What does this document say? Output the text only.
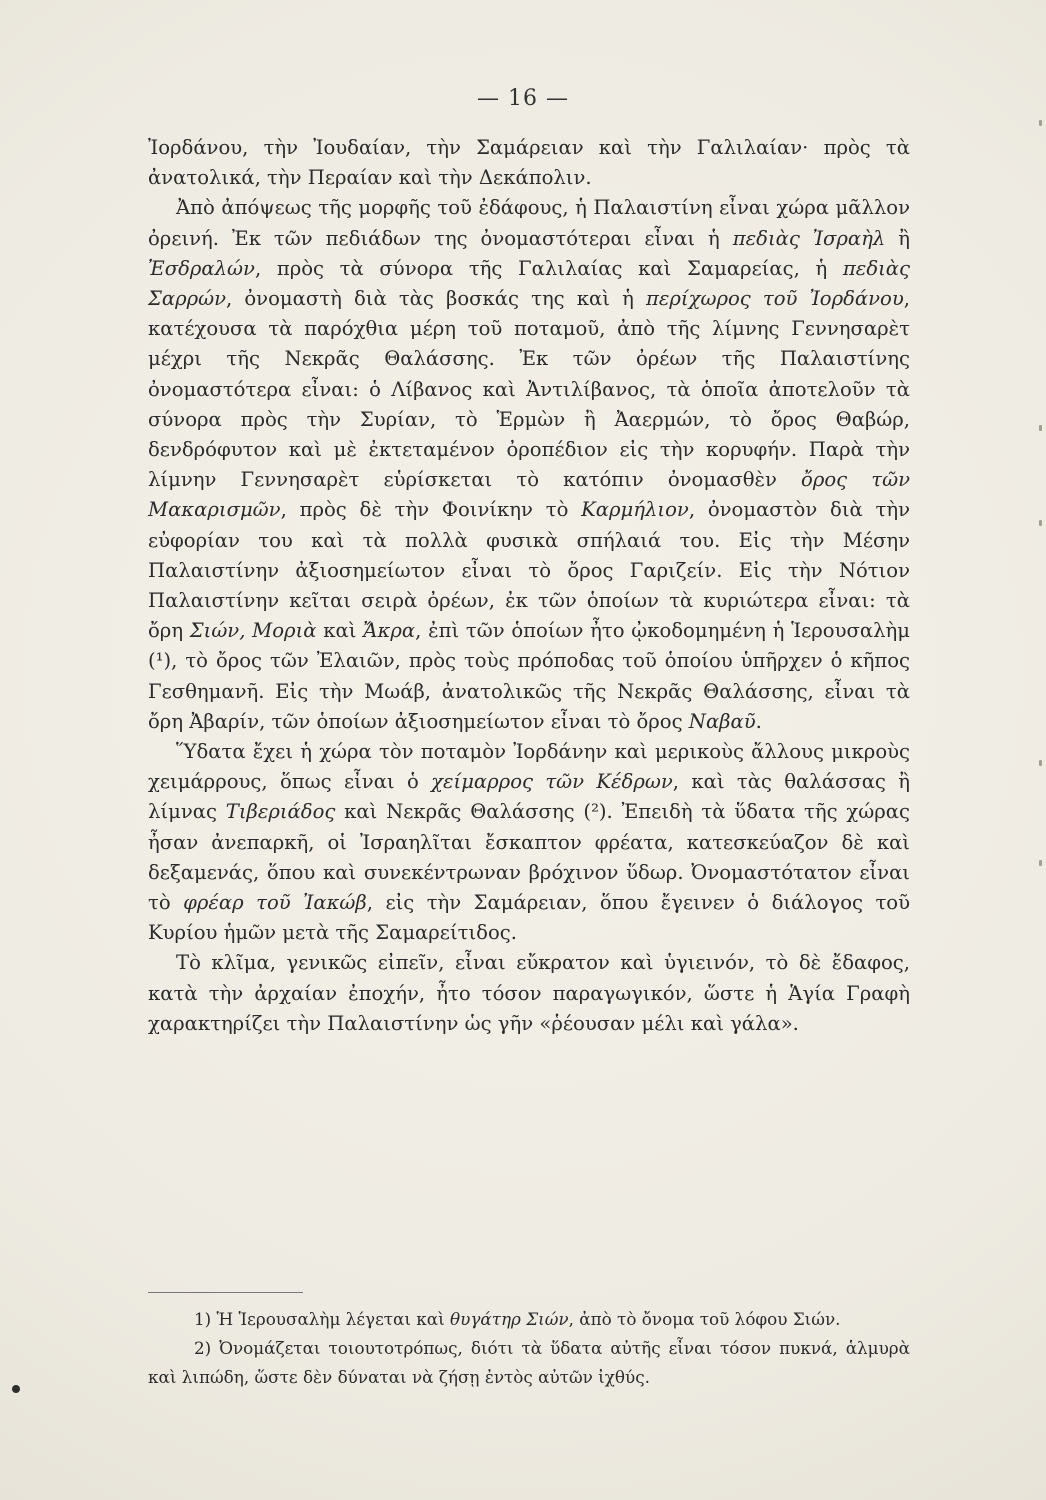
— 16 —

Ἰορδάνου, τὴν Ἰουδαίαν, τὴν Σαμάρειαν καὶ τὴν Γαλιλαίαν· πρὸς τὰ ἀνατολικά, τὴν Περαίαν καὶ τὴν Δεκάπολιν.

Ἀπὸ ἀπόψεως τῆς μορφῆς τοῦ ἐδάφους, ἡ Παλαιστίνη εἶναι χώρα μᾶλλον ὀρεινή. Ἐκ τῶν πεδιάδων της ὀνομαστότεραι εἶναι ἡ πεδιὰς Ἰσραὴλ ἢ Ἐσδραλών, πρὸς τὰ σύνορα τῆς Γαλιλαίας καὶ Σαμαρείας, ἡ πεδιὰς Σαρρών, ὀνομαστὴ διὰ τὰς βοσκάς της καὶ ἡ περίχωρος τοῦ Ἰορδάνου, κατέχουσα τὰ παρόχθια μέρη τοῦ ποταμοῦ, ἀπὸ τῆς λίμνης Γεννησαρὲτ μέχρι τῆς Νεκρᾶς Θαλάσσης. Ἐκ τῶν ὀρέων τῆς Παλαιστίνης ὀνομαστότερα εἶναι: ὁ Λίβανος καὶ Ἀντιλίβανος, τὰ ὁποῖα ἀποτελοῦν τὰ σύνορα πρὸς τὴν Συρίαν, τὸ Ἑρμὼν ἢ Ἀαερμών, τὸ ὄρος Θαβώρ, δενδρόφυτον καὶ μὲ ἐκτεταμένον ὀροπέδιον εἰς τὴν κορυφήν. Παρὰ τὴν λίμνην Γεννησαρὲτ εὑρίσκεται τὸ κατόπιν ὀνομασθὲν ὄρος τῶν Μακαρισμῶν, πρὸς δὲ τὴν Φοινίκην τὸ Καρμήλιον, ὀνομαστὸν διὰ τὴν εὐφορίαν του καὶ τὰ πολλὰ φυσικὰ σπήλαιά του. Εἰς τὴν Μέσην Παλαιστίνην ἀξιοσημείωτον εἶναι τὸ ὄρος Γαριζείν. Εἰς τὴν Νότιον Παλαιστίνην κεῖται σειρὰ ὀρέων, ἐκ τῶν ὁποίων τὰ κυριώτερα εἶναι: τὰ ὄρη Σιών, Μοριὰ καὶ Ἄκρα, ἐπὶ τῶν ὁποίων ἦτο ᾠκοδομημένη ἡ Ἱερουσαλὴμ (¹), τὸ ὄρος τῶν Ἐλαιῶν, πρὸς τοὺς πρόποδας τοῦ ὁποίου ὑπῆρχεν ὁ κῆπος Γεσθημανῆ. Εἰς τὴν Μωάβ, ἀνατολικῶς τῆς Νεκρᾶς Θαλάσσης, εἶναι τὰ ὄρη Ἀβαρίν, τῶν ὁποίων ἀξιοσημείωτον εἶναι τὸ ὄρος Ναβαῦ.

Ὕδατα ἔχει ἡ χώρα τὸν ποταμὸν Ἰορδάνην καὶ μερικοὺς ἄλλους μικροὺς χειμάρρους, ὅπως εἶναι ὁ χείμαρρος τῶν Κέδρων, καὶ τὰς θαλάσσας ἢ λίμνας Τιβεριάδος καὶ Νεκρᾶς Θαλάσσης (²). Ἐπειδὴ τὰ ὕδατα τῆς χώρας ἦσαν ἀνεπαρκῆ, οἱ Ἰσραηλῖται ἔσκαπτον φρέατα, κατεσκεύαζον δὲ καὶ δεξαμενάς, ὅπου καὶ συνεκέντρωναν βρόχινον ὕδωρ. Ὀνομαστότατον εἶναι τὸ φρέαρ τοῦ Ἰακώβ, εἰς τὴν Σαμάρειαν, ὅπου ἔγεινεν ὁ διάλογος τοῦ Κυρίου ἡμῶν μετὰ τῆς Σαμαρείτιδος.

Τὸ κλῖμα, γενικῶς εἰπεῖν, εἶναι εὔκρατον καὶ ὑγιεινόν, τὸ δὲ ἔδαφος, κατὰ τὴν ἀρχαίαν ἐποχήν, ἦτο τόσον παραγωγικόν, ὥστε ἡ Ἁγία Γραφὴ χαρακτηρίζει τὴν Παλαιστίνην ὡς γῆν «ῥέουσαν μέλι καὶ γάλα».

1) Ἡ Ἱερουσαλὴμ λέγεται καὶ θυγάτηρ Σιών, ἀπὸ τὸ ὄνομα τοῦ λόφου Σιών.

2) Ὀνομάζεται τοιουτοτρόπως, διότι τὰ ὕδατα αὐτῆς εἶναι τόσον πυκνά, ἁλμυρὰ καὶ λιπώδη, ὥστε δὲν δύναται νὰ ζήσῃ ἐντὸς αὐτῶν ἰχθύς.
